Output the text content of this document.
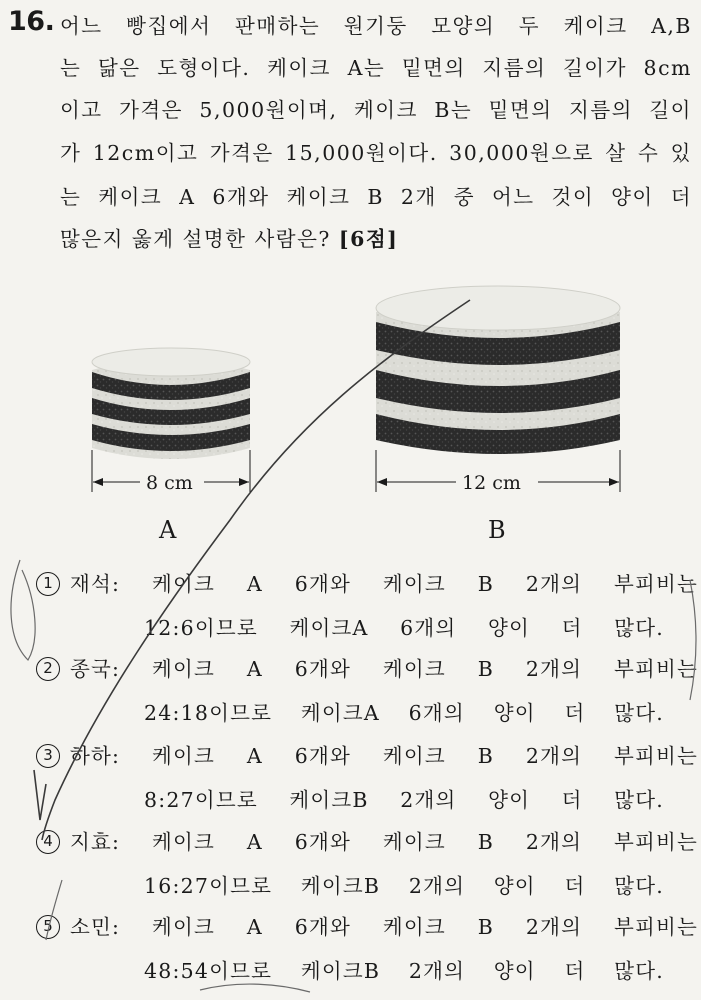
16. 어느 빵집에서 판매하는 원기둥 모양의 두 케이크 A,B
는 닮은 도형이다. 케이크 A는 밑면의 지름의 길이가 8cm
이고 가격은 5,000원이며, 케이크 B는 밑면의 지름의 길이
가 12cm이고 가격은 15,000원이다. 30,000원으로 살 수 있
는 케이크 A 6개와 케이크 B 2개 중 어느 것이 양이 더
많은지 옳게 설명한 사람은? [6점]
8 cm	12 cm
A	B
1 재석: 케이크 A 6개와 케이크 B 2개의 부피비는
12:6이므로 케이크A 6개의 양이 더 많다.
2 종국: 케이크 A 6개와 케이크 B 2개의 부피비는
24:18이므로 케이크A 6개의 양이 더 많다.
3 하하: 케이크 A 6개와 케이크 B 2개의 부피비는
8:27이므로 케이크B 2개의 양이 더 많다.
4 지효: 케이크 A 6개와 케이크 B 2개의 부피비는
16:27이므로 케이크B 2개의 양이 더 많다.
5 소민: 케이크 A 6개와 케이크 B 2개의 부피비는
48:54이므로 케이크B 2개의 양이 더 많다.
